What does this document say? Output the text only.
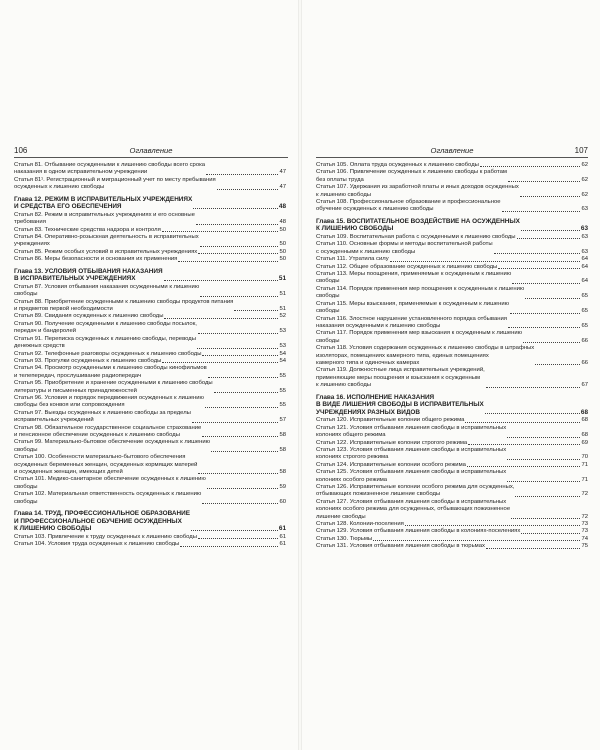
106	Оглавление
Статья 81. Отбывание осужденными к лишению свободы всего срока
наказания в одном исправительном учреждении	47
Статья 81¹. Регистрационный и миграционный учет по месту пребывания
осужденных к лишению свободы	47
Глава 12. РЕЖИМ В ИСПРАВИТЕЛЬНЫХ УЧРЕЖДЕНИЯХ
И СРЕДСТВА ЕГО ОБЕСПЕЧЕНИЯ	48
Статья 82. Режим в исправительных учреждениях и его основные
требования	48
Статья 83. Технические средства надзора и контроля	50
Статья 84. Оперативно-розыскная деятельность в исправительных
учреждениях	50
Статья 85. Режим особых условий в исправительных учреждениях	50
Статья 86. Меры безопасности и основания их применения	50
Глава 13. УСЛОВИЯ ОТБЫВАНИЯ НАКАЗАНИЯ
В ИСПРАВИТЕЛЬНЫХ УЧРЕЖДЕНИЯХ	51
Статья 87. Условия отбывания наказания осужденными к лишению
свободы	51
Статья 88. Приобретение осужденными к лишению свободы продуктов питания
и предметов первой необходимости	51
Статья 89. Свидания осужденных к лишению свободы	52
Статья 90. Получение осужденными к лишению свободы посылок,
передач и бандеролей	53
Статья 91. Переписка осужденных к лишению свободы, переводы
денежных средств	53
Статья 92. Телефонные разговоры осужденных к лишению свободы	54
Статья 93. Прогулки осужденных к лишению свободы	54
Статья 94. Просмотр осужденными к лишению свободы кинофильмов
и телепередач, прослушивание радиопередач	55
Статья 95. Приобретение и хранение осужденными к лишению свободы
литературы и письменных принадлежностей	55
Статья 96. Условия и порядок передвижения осужденных к лишению
свободы без конвоя или сопровождения	55
Статья 97. Выезды осужденных к лишению свободы за пределы
исправительных учреждений	57
Статья 98. Обязательное государственное социальное страхование
и пенсионное обеспечение осужденных к лишению свободы	58
Статья 99. Материально-бытовое обеспечение осужденных к лишению
свободы	58
Статья 100. Особенности материально-бытового обеспечения
осужденных беременных женщин, осужденных кормящих матерей
и осужденных женщин, имеющих детей	58
Статья 101. Медико-санитарное обеспечение осужденных к лишению
свободы	59
Статья 102. Материальная ответственность осужденных к лишению
свободы	60
Глава 14. ТРУД, ПРОФЕССИОНАЛЬНОЕ ОБРАЗОВАНИЕ
И ПРОФЕССИОНАЛЬНОЕ ОБУЧЕНИЕ ОСУЖДЕННЫХ
К ЛИШЕНИЮ СВОБОДЫ	61
Статья 103. Привлечение к труду осужденных к лишению свободы	61
Статья 104. Условия труда осужденных к лишению свободы	61
Оглавление	107
Статья 105. Оплата труда осужденных к лишению свободы	62
Статья 106. Привлечение осужденных к лишению свободы к работам
без оплаты труда	62
Статья 107. Удержания из заработной платы и иных доходов осужденных
к лишению свободы	62
Статья 108. Профессиональное образование и профессиональное
обучение осужденных к лишению свободы	63
Глава 15. ВОСПИТАТЕЛЬНОЕ ВОЗДЕЙСТВИЕ НА ОСУЖДЕННЫХ
К ЛИШЕНИЮ СВОБОДЫ	63
Статья 109. Воспитательная работа с осужденными к лишению свободы	63
Статья 110. Основные формы и методы воспитательной работы
с осужденными к лишению свободы	63
Статья 111. Утратила силу	64
Статья 112. Общее образование осужденных к лишению свободы	64
Статья 113. Меры поощрения, применяемые к осужденным к лишению
свободы	64
Статья 114. Порядок применения мер поощрения к осужденным к лишению
свободы	65
Статья 115. Меры взыскания, применяемые к осужденным к лишению
свободы	65
Статья 116. Злостное нарушение установленного порядка отбывания
наказания осужденными к лишению свободы	65
Статья 117. Порядок применения мер взыскания к осужденным к лишению
свободы	66
Статья 118. Условия содержания осужденных к лишению свободы в штрафных
изоляторах, помещениях камерного типа, единых помещениях
камерного типа и одиночных камерах	66
Статья 119. Должностные лица исправительных учреждений,
применяющие меры поощрения и взыскания к осужденным
к лишению свободы	67
Глава 16. ИСПОЛНЕНИЕ НАКАЗАНИЯ
В ВИДЕ ЛИШЕНИЯ СВОБОДЫ В ИСПРАВИТЕЛЬНЫХ
УЧРЕЖДЕНИЯХ РАЗНЫХ ВИДОВ	68
Статья 120. Исправительные колонии общего режима	68
Статья 121. Условия отбывания лишения свободы в исправительных
колониях общего режима	68
Статья 122. Исправительные колонии строгого режима	69
Статья 123. Условия отбывания лишения свободы в исправительных
колониях строгого режима	70
Статья 124. Исправительные колонии особого режима	71
Статья 125. Условия отбывания лишения свободы в исправительных
колониях особого режима	71
Статья 126. Исправительные колонии особого режима для осужденных,
отбывающих пожизненное лишение свободы	72
Статья 127. Условия отбывания лишения свободы в исправительных
колониях особого режима для осужденных, отбывающих пожизненное
лишение свободы	72
Статья 128. Колонии-поселения	73
Статья 129. Условия отбывания лишения свободы в колониях-поселениях	73
Статья 130. Тюрьмы	74
Статья 131. Условия отбывания лишения свободы в тюрьмах	75
